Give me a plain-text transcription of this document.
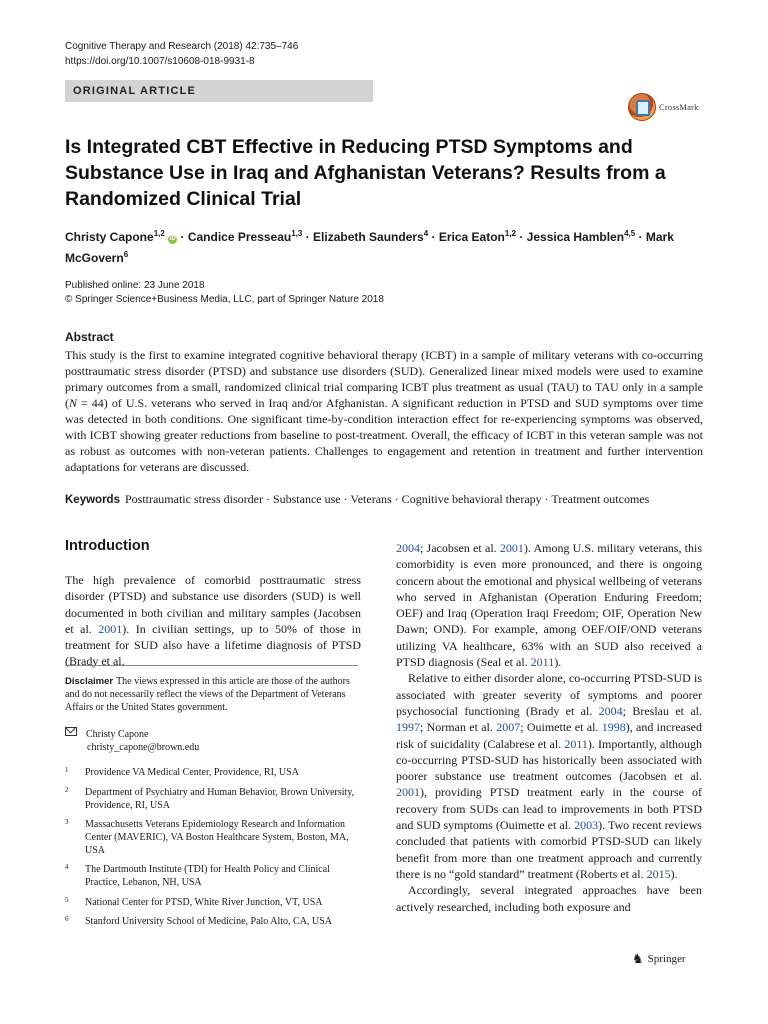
Cognitive Therapy and Research (2018) 42:735–746
https://doi.org/10.1007/s10608-018-9931-8
ORIGINAL ARTICLE
CrossMark
Is Integrated CBT Effective in Reducing PTSD Symptoms and Substance Use in Iraq and Afghanistan Veterans? Results from a Randomized Clinical Trial
Christy Capone$^{1,2}$ iD · Candice Presseau$^{1,3}$ · Elizabeth Saunders$^4$ · Erica Eaton$^{1,2}$ · Jessica Hamblen$^{4,5}$ · Mark McGovern$^6$
Published online: 23 June 2018
© Springer Science+Business Media, LLC, part of Springer Nature 2018
Abstract
This study is the first to examine integrated cognitive behavioral therapy (ICBT) in a sample of military veterans with co-occurring posttraumatic stress disorder (PTSD) and substance use disorders (SUD). Generalized linear mixed models were used to examine primary outcomes from a small, randomized clinical trial comparing ICBT plus treatment as usual (TAU) to TAU only in a sample (N = 44) of U.S. veterans who served in Iraq and/or Afghanistan. A significant reduction in PTSD and SUD symptoms over time was detected in both conditions. One significant time-by-condition interaction effect for re-experiencing symptoms was observed, with ICBT showing greater reductions from baseline to post-treatment. Overall, the efficacy of ICBT in this veteran sample was not as robust as outcomes with non-veteran patients. Challenges to engagement and retention in treatment and further intervention adaptations for veterans are discussed.
Keywords Posttraumatic stress disorder · Substance use · Veterans · Cognitive behavioral therapy · Treatment outcomes
Introduction

The high prevalence of comorbid posttraumatic stress disorder (PTSD) and substance use disorders (SUD) is well documented in both civilian and military samples (Jacobsen et al. 2001). In civilian settings, up to 50% of those in treatment for SUD also have a lifetime diagnosis of PTSD (Brady et al.

2004; Jacobsen et al. 2001). Among U.S. military veterans, this comorbidity is even more pronounced, and there is ongoing concern about the emotional and physical wellbeing of veterans who served in Afghanistan (Operation Enduring Freedom; OEF) and Iraq (Operation Iraqi Freedom; OIF, Operation New Dawn; OND). For example, among OEF/OIF/OND veterans utilizing VA healthcare, 63% with an SUD also received a PTSD diagnosis (Seal et al. 2011).

Relative to either disorder alone, co-occurring PTSD-SUD is associated with greater severity of symptoms and poorer psychosocial functioning (Brady et al. 2004; Breslau et al. 1997; Norman et al. 2007; Ouimette et al. 1998), and increased risk of suicidality (Calabrese et al. 2011). Importantly, although co-occurring PTSD-SUD has historically been associated with poorer substance use treatment outcomes (Jacobsen et al. 2001), providing PTSD treatment early in the course of recovery from SUDs can lead to improvements in both PTSD and SUD symptoms (Ouimette et al. 2003). Two recent reviews concluded that patients with comorbid PTSD-SUD can likely benefit from more than one treatment approach and currently there is no “gold standard” treatment (Roberts et al. 2015).

Accordingly, several integrated approaches have been actively researched, including both exposure and

Disclaimer The views expressed in this article are those of the authors and do not necessarily reflect the views of the Department of Veterans Affairs or the United States government.
Christy Capone
christy_capone@brown.edu
1	Providence VA Medical Center, Providence, RI, USA
2	Department of Psychiatry and Human Behavior, Brown University, Providence, RI, USA
3	Massachusetts Veterans Epidemiology Research and Information Center (MAVERIC), VA Boston Healthcare System, Boston, MA, USA
4	The Dartmouth Institute (TDI) for Health Policy and Clinical Practice, Lebanon, NH, USA
5	National Center for PTSD, White River Junction, VT, USA
6	Stanford University School of Medicine, Palo Alto, CA, USA
♞ Springer
